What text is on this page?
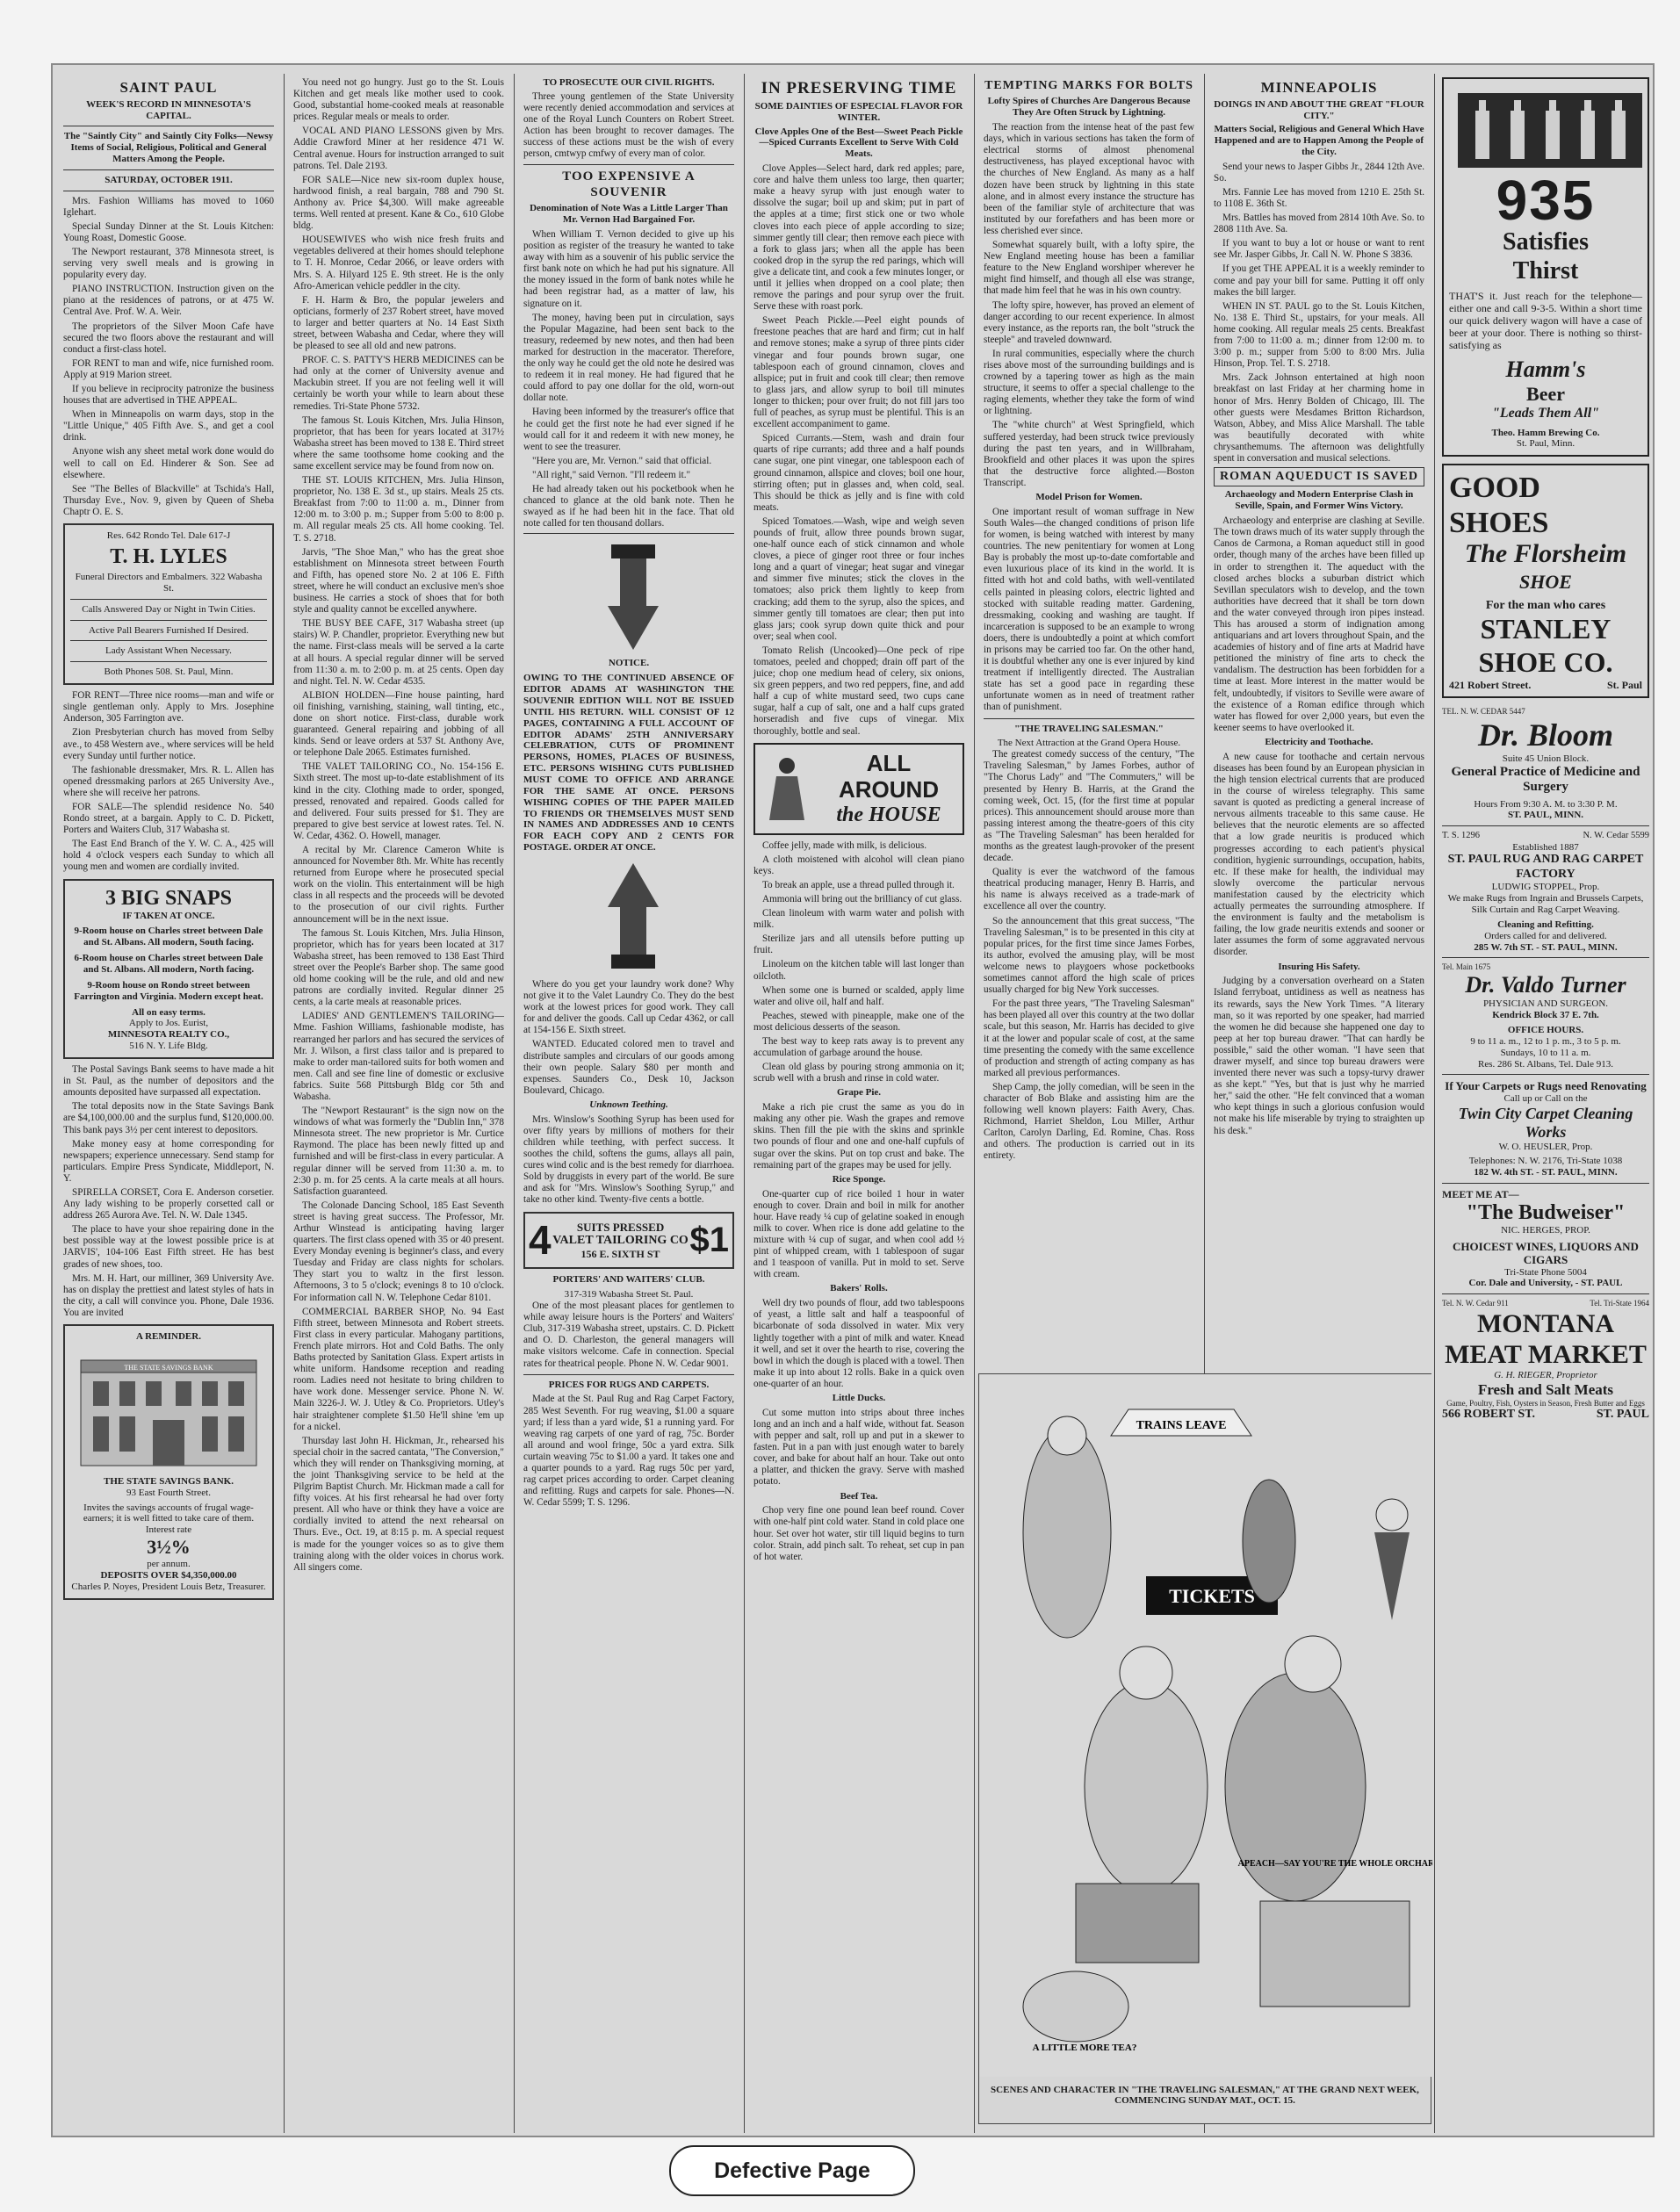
SAINT PAUL
WEEK'S RECORD IN MINNESOTA'S CAPITAL.
The "Saintly City" and Saintly City Folks—Newsy Items of Social, Religious, Political and General Matters Among the People.
SATURDAY, OCTOBER 1911.

Mrs. Fashion Williams has moved to 1060 Iglehart.

Special Sunday Dinner at the St. Louis Kitchen: Young Roast, Domestic Goose.

The Newport restaurant, 378 Minnesota street, is serving very swell meals and is growing in popularity every day.

PIANO INSTRUCTION. Instruction given on the piano at the residences of patrons, or at 475 W. Central Ave. Prof. W. A. Weir.

The proprietors of the Silver Moon Cafe have secured the two floors above the restaurant and will conduct a first-class hotel.

FOR RENT to man and wife, nice furnished room. Apply at 919 Marion street.

If you believe in reciprocity patronize the business houses that are advertised in THE APPEAL.

When in Minneapolis on warm days, stop in the "Little Unique," 405 Fifth Ave. S., and get a cool drink.

Anyone wish any sheet metal work done would do well to call on Ed. Hinderer & Son. See ad elsewhere.

See "The Belles of Blackville" at Tschida's Hall, Thursday Eve., Nov. 9, given by Queen of Sheba Chaptr O. E. S.

Res. 642 Rondo Tel. Dale 617-J
T. H. LYLES
Funeral Directors and Embalmers. 322 Wabasha St.
Calls Answered Day or Night in Twin Cities.
Active Pall Bearers Furnished If Desired.
Lady Assistant When Necessary.
Both Phones 508. St. Paul, Minn.

FOR RENT—Three nice rooms—man and wife or single gentleman only. Apply to Mrs. Josephine Anderson, 305 Farrington ave.

Zion Presbyterian church has moved from Selby ave., to 458 Western ave., where services will be held every Sunday until further notice.

The fashionable dressmaker, Mrs. R. L. Allen has opened dressmaking parlors at 265 University Ave., where she will receive her patrons.

FOR SALE—The splendid residence No. 540 Rondo street, at a bargain. Apply to C. D. Pickett, Porters and Waiters Club, 317 Wabasha st.

The East End Branch of the Y. W. C. A., 425 will hold 4 o'clock vespers each Sunday to which all young men and women are cordially invited.

3 BIG SNAPS
IF TAKEN AT ONCE.
9-Room house on Charles street between Dale and St. Albans. All modern, South facing.
6-Room house on Charles street between Dale and St. Albans. All modern, North facing.
9-Room house on Rondo street between Farrington and Virginia. Modern except heat.
All on easy terms.
Apply to Jos. Eurist,
MINNESOTA REALTY CO.,
516 N. Y. Life Bldg.

The Postal Savings Bank seems to have made a hit in St. Paul, as the number of depositors and the amounts deposited have surpassed all expectation.

The total deposits now in the State Savings Bank are $4,100,000.00 and the surplus fund, $120,000.00. This bank pays 3½ per cent interest to depositors.

Make money easy at home corresponding for newspapers; experience unnecessary. Send stamp for particulars. Empire Press Syndicate, Middleport, N. Y.

SPIRELLA CORSET, Cora E. Anderson corsetier. Any lady wishing to be properly corsetted call or address 265 Aurora Ave. Tel. N. W. Dale 1345.

The place to have your shoe repairing done in the best possible way at the lowest possible price is at JARVIS', 104-106 East Fifth street. He has best grades of new shoes, too.

Mrs. M. H. Hart, our milliner, 369 University Ave. has on display the prettiest and latest styles of hats in the city, a call will convince you. Phone, Dale 1936. You are invited

A REMINDER.
THE STATE SAVINGS BANK
THE STATE SAVINGS BANK.
93 East Fourth Street.
Invites the savings accounts of frugal wage-earners; it is well fitted to take care of them.
Interest rate
3½%
per annum.
DEPOSITS OVER $4,350,000.00
Charles P. Noyes, President Louis Betz, Treasurer.

You need not go hungry. Just go to the St. Louis Kitchen and get meals like mother used to cook. Good, substantial home-cooked meals at reasonable prices. Regular meals or meals to order.

VOCAL AND PIANO LESSONS given by Mrs. Addie Crawford Miner at her residence 471 W. Central avenue. Hours for instruction arranged to suit patrons. Tel. Dale 2193.

FOR SALE—Nice new six-room duplex house, hardwood finish, a real bargain, 788 and 790 St. Anthony av. Price $4,300. Will make agreeable terms. Well rented at present. Kane & Co., 610 Globe bldg.

HOUSEWIVES who wish nice fresh fruits and vegetables delivered at their homes should telephone to T. H. Monroe, Cedar 2066, or leave orders with Mrs. S. A. Hilyard 125 E. 9th street. He is the only Afro-American vehicle peddler in the city.

F. H. Harm & Bro, the popular jewelers and opticians, formerly of 237 Robert street, have moved to larger and better quarters at No. 14 East Sixth street, between Wabasha and Cedar, where they will be pleased to see all old and new patrons.

PROF. C. S. PATTY'S HERB MEDICINES can be had only at the corner of University avenue and Mackubin street. If you are not feeling well it will certainly be worth your while to learn about these remedies. Tri-State Phone 5732.

The famous St. Louis Kitchen, Mrs. Julia Hinson, proprietor, that has been for years located at 317½ Wabasha street has been moved to 138 E. Third street where the same toothsome home cooking and the same excellent service may be found from now on.

THE ST. LOUIS KITCHEN, Mrs. Julia Hinson, proprietor, No. 138 E. 3d st., up stairs. Meals 25 cts. Breakfast from 7:00 to 11:00 a. m., Dinner from 12:00 m. to 3:00 p. m.; Supper from 5:00 to 8:00 p. m. All regular meals 25 cts. All home cooking. Tel. T. S. 2718.

Jarvis, "The Shoe Man," who has the great shoe establishment on Minnesota street between Fourth and Fifth, has opened store No. 2 at 106 E. Fifth street, where he will conduct an exclusive men's shoe business. He carries a stock of shoes that for both style and quality cannot be excelled anywhere.

THE BUSY BEE CAFE, 317 Wabasha street (up stairs) W. P. Chandler, proprietor. Everything new but the name. First-class meals will be served a la carte at all hours. A special regular dinner will be served from 11:30 a. m. to 2:00 p. m. at 25 cents. Open day and night. Tel. N. W. Cedar 4535.

ALBION HOLDEN—Fine house painting, hard oil finishing, varnishing, staining, wall tinting, etc., done on short notice. First-class, durable work guaranteed. General repairing and jobbing of all kinds. Send or leave orders at 537 St. Anthony Ave, or telephone Dale 2065. Estimates furnished.

THE VALET TAILORING CO., No. 154-156 E. Sixth street. The most up-to-date establishment of its kind in the city. Clothing made to order, sponged, pressed, renovated and repaired. Goods called for and delivered. Four suits pressed for $1. They are prepared to give best service at lowest rates. Tel. N. W. Cedar, 4362. O. Howell, manager.

A recital by Mr. Clarence Cameron White is announced for November 8th. Mr. White has recently returned from Europe where he prosecuted special work on the violin. This entertainment will be high class in all respects and the proceeds will be devoted to the prosecution of our civil rights. Further announcement will be in the next issue.

The famous St. Louis Kitchen, Mrs. Julia Hinson, proprietor, which has for years been located at 317 Wabasha street, has been removed to 138 East Third street over the People's Barber shop. The same good old home cooking will be the rule, and old and new patrons are cordially invited. Regular dinner 25 cents, a la carte meals at reasonable prices.

LADIES' AND GENTLEMEN'S TAILORING—Mme. Fashion Williams, fashionable modiste, has rearranged her parlors and has secured the services of Mr. J. Wilson, a first class tailor and is prepared to make to order man-tailored suits for both women and men. Call and see fine line of domestic or exclusive fabrics. Suite 568 Pittsburgh Bldg cor 5th and Wabasha.

The "Newport Restaurant" is the sign now on the windows of what was formerly the "Dublin Inn," 378 Minnesota street. The new proprietor is Mr. Curtice Raymond. The place has been newly fitted up and furnished and will be first-class in every particular. A regular dinner will be served from 11:30 a. m. to 2:30 p. m. for 25 cents. A la carte meals at all hours. Satisfaction guaranteed.

The Colonade Dancing School, 185 East Seventh street is having great success. The Professor, Mr. Arthur Winstead is anticipating having larger quarters. The first class opened with 35 or 40 present. Every Monday evening is beginner's class, and every Tuesday and Friday are class nights for scholars. They start you to waltz in the first lesson. Afternoons, 3 to 5 o'clock; evenings 8 to 10 o'clock. For information call N. W. Telephone Cedar 8101.

COMMERCIAL BARBER SHOP, No. 94 East Fifth street, between Minnesota and Robert streets. First class in every particular. Mahogany partitions, French plate mirrors. Hot and Cold Baths. The only Baths protected by Sanitation Glass. Expert artists in white uniform. Handsome reception and reading room. Ladies need not hesitate to bring children to have work done. Messenger service. Phone N. W. Main 3226-J. W. J. Utley & Co. Proprietors. Utley's hair straightener complete $1.50 He'll shine 'em up for a nickel.

Thursday last John H. Hickman, Jr., rehearsed his special choir in the sacred cantata, "The Conversion," which they will render on Thanksgiving morning, at the joint Thanksgiving service to be held at the Pilgrim Baptist Church. Mr. Hickman made a call for fifty voices. At his first rehearsal he had over forty present. All who have or think they have a voice are cordially invited to attend the next rehearsal on Thurs. Eve., Oct. 19, at 8:15 p. m. A special request is made for the younger voices so as to give them training along with the older voices in chorus work. All singers come.

TO PROSECUTE OUR CIVIL RIGHTS.

Three young gentlemen of the State University were recently denied accommodation and services at one of the Royal Lunch Counters on Robert Street. Action has been brought to recover damages. The success of these actions must be the wish of every person, cmtwyp cmfwy of every man of color.

TOO EXPENSIVE A SOUVENIR
Denomination of Note Was a Little Larger Than Mr. Vernon Had Bargained For.

When William T. Vernon decided to give up his position as register of the treasury he wanted to take away with him as a souvenir of his public service the first bank note on which he had put his signature. All the money issued in the form of bank notes while he had been registrar had, as a matter of law, his signature on it.

The money, having been put in circulation, says the Popular Magazine, had been sent back to the treasury, redeemed by new notes, and then had been marked for destruction in the macerator. Therefore, the only way he could get the old note he desired was to redeem it in real money. He had figured that he could afford to pay one dollar for the old, worn-out dollar note.

Having been informed by the treasurer's office that he could get the first note he had ever signed if he would call for it and redeem it with new money, he went to see the treasurer.

"Here you are, Mr. Vernon." said that official.

"All right," said Vernon. "I'll redeem it."

He had already taken out his pocketbook when he chanced to glance at the old bank note. Then he swayed as if he had been hit in the face. That old note called for ten thousand dollars.

NOTICE.
OWING TO THE CONTINUED ABSENCE OF EDITOR ADAMS AT WASHINGTON THE SOUVENIR EDITION WILL NOT BE ISSUED UNTIL HIS RETURN. WILL CONSIST OF 12 PAGES, CONTAINING A FULL ACCOUNT OF EDITOR ADAMS' 25TH ANNIVERSARY CELEBRATION, CUTS OF PROMINENT PERSONS, HOMES, PLACES OF BUSINESS, ETC. PERSONS WISHING CUTS PUBLISHED MUST COME TO OFFICE AND ARRANGE FOR THE SAME AT ONCE. PERSONS WISHING COPIES OF THE PAPER MAILED TO FRIENDS OR THEMSELVES MUST SEND IN NAMES AND ADDRESSES AND 10 CENTS FOR EACH COPY AND 2 CENTS FOR POSTAGE. ORDER AT ONCE.

Where do you get your laundry work done? Why not give it to the Valet Laundry Co. They do the best work at the lowest prices for good work. They call for and deliver the goods. Call up Cedar 4362, or call at 154-156 E. Sixth street.

WANTED. Educated colored men to travel and distribute samples and circulars of our goods among their own people. Salary $80 per month and expenses. Saunders Co., Desk 10, Jackson Boulevard, Chicago.

Unknown Teething.

Mrs. Winslow's Soothing Syrup has been used for over fifty years by millions of mothers for their children while teething, with perfect success. It soothes the child, softens the gums, allays all pain, cures wind colic and is the best remedy for diarrhoea. Sold by druggists in every part of the world. Be sure and ask for "Mrs. Winslow's Soothing Syrup," and take no other kind. Twenty-five cents a bottle.

4	SUITS PRESSED
VALET TAILORING CO
156 E. SIXTH ST $1
PORTERS' AND WAITERS' CLUB.
317-319 Wabasha Street St. Paul.

One of the most pleasant places for gentlemen to while away leisure hours is the Porters' and Waiters' Club, 317-319 Wabasha street, upstairs. C. D. Pickett and O. D. Charleston, the general managers will make visitors welcome. Cafe in connection. Special rates for theatrical people. Phone N. W. Cedar 9001.

PRICES FOR RUGS AND CARPETS.

Made at the St. Paul Rug and Rag Carpet Factory, 285 West Seventh. For rug weaving, $1.00 a square yard; if less than a yard wide, $1 a running yard. For weaving rag carpets of one yard of rag, 75c. Border all around and wool fringe, 50c a yard extra. Silk curtain weaving 75c to $1.00 a yard. It takes one and a quarter pounds to a yard. Rag rugs 50c per yard, rag carpet prices according to order. Carpet cleaning and refitting. Rugs and carpets for sale. Phones—N. W. Cedar 5599; T. S. 1296.

IN PRESERVING TIME
SOME DAINTIES OF ESPECIAL FLAVOR FOR WINTER.
Clove Apples One of the Best—Sweet Peach Pickle—Spiced Currants Excellent to Serve With Cold Meats.

Clove Apples—Select hard, dark red apples; pare, core and halve them unless too large, then quarter; make a heavy syrup with just enough water to dissolve the sugar; boil up and skim; put in part of the apples at a time; first stick one or two whole cloves into each piece of apple according to size; simmer gently till clear; then remove each piece with a fork to glass jars; when all the apple has been cooked drop in the syrup the red parings, which will give a delicate tint, and cook a few minutes longer, or until it jellies when dropped on a cool plate; then remove the parings and pour syrup over the fruit. Serve these with roast pork.

Sweet Peach Pickle.—Peel eight pounds of freestone peaches that are hard and firm; cut in half and remove stones; make a syrup of three pints cider vinegar and four pounds brown sugar, one tablespoon each of ground cinnamon, cloves and allspice; put in fruit and cook till clear; then remove to glass jars, and allow syrup to boil till minutes longer to thicken; pour over fruit; do not fill jars too full of peaches, as syrup must be plentiful. This is an excellent accompaniment to game.

Spiced Currants.—Stem, wash and drain four quarts of ripe currants; add three and a half pounds cane sugar, one pint vinegar, one tablespoon each of ground cinnamon, allspice and cloves; boil one hour, stirring often; put in glasses and, when cold, seal. This should be thick as jelly and is fine with cold meats.

Spiced Tomatoes.—Wash, wipe and weigh seven pounds of fruit, allow three pounds brown sugar, one-half ounce each of stick cinnamon and whole cloves, a piece of ginger root three or four inches long and a quart of vinegar; heat sugar and vinegar and simmer five minutes; stick the cloves in the tomatoes; also prick them lightly to keep from cracking; add them to the syrup, also the spices, and simmer gently till tomatoes are clear; then put into glass jars; cook syrup down quite thick and pour over; seal when cool.

Tomato Relish (Uncooked)—One peck of ripe tomatoes, peeled and chopped; drain off part of the juice; chop one medium head of celery, six onions, six green peppers, and two red peppers, fine, and add half a cup of white mustard seed, two cups cane sugar, half a cup of salt, one and a half cups grated horseradish and five cups of vinegar. Mix thoroughly, bottle and seal.

ALL AROUND
the HOUSE

Coffee jelly, made with milk, is delicious.

A cloth moistened with alcohol will clean piano keys.

To break an apple, use a thread pulled through it.

Ammonia will bring out the brilliancy of cut glass.

Clean linoleum with warm water and polish with milk.

Sterilize jars and all utensils before putting up fruit.

Linoleum on the kitchen table will last longer than oilcloth.

When some one is burned or scalded, apply lime water and olive oil, half and half.

Peaches, stewed with pineapple, make one of the most delicious desserts of the season.

The best way to keep rats away is to prevent any accumulation of garbage around the house.

Clean old glass by pouring strong ammonia on it; scrub well with a brush and rinse in cold water.

Grape Pie.

Make a rich pie crust the same as you do in making any other pie. Wash the grapes and remove skins. Then fill the pie with the skins and sprinkle two pounds of flour and one and one-half cupfuls of sugar over the skins. Put on top crust and bake. The remaining part of the grapes may be used for jelly.

Rice Sponge.

One-quarter cup of rice boiled 1 hour in water enough to cover. Drain and boil in milk for another hour. Have ready ¼ cup of gelatine soaked in enough milk to cover. When rice is done add gelatine to the mixture with ¼ cup of sugar, and when cool add ½ pint of whipped cream, with 1 tablespoon of sugar and 1 teaspoon of vanilla. Put in mold to set. Serve with cream.

Bakers' Rolls.

Well dry two pounds of flour, add two tablespoons of yeast, a little salt and half a teaspoonful of bicarbonate of soda dissolved in water. Mix very lightly together with a pint of milk and water. Knead it well, and set it over the hearth to rise, covering the bowl in which the dough is placed with a towel. Then make it up into about 12 rolls. Bake in a quick oven one-quarter of an hour.

Little Ducks.

Cut some mutton into strips about three inches long and an inch and a half wide, without fat. Season with pepper and salt, roll up and put in a skewer to fasten. Put in a pan with just enough water to barely cover, and bake for about half an hour. Take out onto a platter, and thicken the gravy. Serve with mashed potato.

Beef Tea.

Chop very fine one pound lean beef round. Cover with one-half pint cold water. Stand in cold place one hour. Set over hot water, stir till liquid begins to turn color. Strain, add pinch salt. To reheat, set cup in pan of hot water.

TEMPTING MARKS FOR BOLTS
Lofty Spires of Churches Are Dangerous Because They Are Often Struck by Lightning.

The reaction from the intense heat of the past few days, which in various sections has taken the form of electrical storms of almost phenomenal destructiveness, has played exceptional havoc with the churches of New England. As many as a half dozen have been struck by lightning in this state alone, and in almost every instance the structure has been of the familiar style of architecture that was instituted by our forefathers and has been more or less cherished ever since.

Somewhat squarely built, with a lofty spire, the New England meeting house has been a familiar feature to the New England worshiper wherever he might find himself, and though all else was strange, that made him feel that he was in his own country.

The lofty spire, however, has proved an element of danger according to our recent experience. In almost every instance, as the reports ran, the bolt "struck the steeple" and traveled downward.

In rural communities, especially where the church rises above most of the surrounding buildings and is crowned by a tapering tower as high as the main structure, it seems to offer a special challenge to the raging elements, whether they take the form of wind or lightning.

The "white church" at West Springfield, which suffered yesterday, had been struck twice previously during the past ten years, and in Willbraham, Brookfield and other places it was upon the spires that the destructive force alighted.—Boston Transcript.

Model Prison for Women.

One important result of woman suffrage in New South Wales—the changed conditions of prison life for women, is being watched with interest by many countries. The new penitentiary for women at Long Bay is probably the most up-to-date comfortable and even luxurious place of its kind in the world. It is fitted with hot and cold baths, with well-ventilated cells painted in pleasing colors, electric lighted and stocked with suitable reading matter. Gardening, dressmaking, cooking and washing are taught. If incarceration is supposed to be an example to wrong doers, there is undoubtedly a point at which comfort in prisons may be carried too far. On the other hand, it is doubtful whether any one is ever injured by kind treatment if intelligently directed. The Australian state has set a good pace in regarding these unfortunate women as in need of treatment rather than of punishment.

"THE TRAVELING SALESMAN."
The Next Attraction at the Grand Opera House.

The greatest comedy success of the century, "The Traveling Salesman," by James Forbes, author of "The Chorus Lady" and "The Commuters," will be presented by Henry B. Harris, at the Grand the coming week, Oct. 15, (for the first time at popular prices). This announcement should arouse more than passing interest among the theatre-goers of this city as "The Traveling Salesman" has been heralded for months as the greatest laugh-provoker of the present decade.

Quality is ever the watchword of the famous theatrical producing manager, Henry B. Harris, and his name is always received as a trade-mark of excellence all over the country.

So the announcement that this great success, "The Traveling Salesman," is to be presented in this city at popular prices, for the first time since James Forbes, its author, evolved the amusing play, will be most welcome news to playgoers whose pocketbooks sometimes cannot afford the high scale of prices usually charged for big New York successes.

For the past three years, "The Traveling Salesman" has been played all over this country at the two dollar scale, but this season, Mr. Harris has decided to give it at the lower and popular scale of cost, at the same time presenting the comedy with the same excellence of production and strength of acting company as has marked all previous performances.

Shep Camp, the jolly comedian, will be seen in the character of Bob Blake and assisting him are the following well known players: Faith Avery, Chas. Richmond, Harriet Sheldon, Lou Miller, Arthur Carlton, Carolyn Darling, Ed. Romine, Chas. Ross and others. The production is carried out in its entirety.

935
Satisfies
Thirst
THAT'S it. Just reach for the telephone—either one and call 9-3-5. Within a short time our quick delivery wagon will have a case of beer at your door. There is nothing so thirst-satisfying as
Hamm's
Beer
"Leads Them All"
Theo. Hamm Brewing Co.
St. Paul, Minn.
GOOD
SHOES
The Florsheim SHOE
For the man who cares
STANLEY
SHOE CO.
421 Robert Street.	St. Paul
TEL. N. W. CEDAR 5447
Dr. Bloom
Suite 45 Union Block.
General Practice of Medicine and Surgery
Hours From 9:30 A. M. to 3:30 P. M.
ST. PAUL, MINN.
T. S. 1296	N. W. Cedar 5599
Established 1887
ST. PAUL RUG AND RAG CARPET FACTORY
LUDWIG STOPPEL, Prop.
We make Rugs from Ingrain and Brussels Carpets, Silk Curtain and Rag Carpet Weaving.
Cleaning and Refitting.
Orders called for and delivered.
285 W. 7th ST. - ST. PAUL, MINN.
Tel. Main 1675
Dr. Valdo Turner
PHYSICIAN AND SURGEON.
Kendrick Block 37 E. 7th.
OFFICE HOURS.
9 to 11 a. m., 12 to 1 p. m., 3 to 5 p. m.
Sundays, 10 to 11 a. m.
Res. 286 St. Albans, Tel. Dale 913.
If Your Carpets or Rugs need Renovating
Call up or Call on the
Twin City Carpet Cleaning
Works
W. O. HEUSLER, Prop.
Telephones: N. W. 2176, Tri-State 1038
182 W. 4th ST. - ST. PAUL, MINN.
MEET ME AT—
"The Budweiser"
NIC. HERGES, PROP.
CHOICEST WINES, LIQUORS AND CIGARS
Tri-State Phone 5004
Cor. Dale and University, - ST. PAUL
Tel. N. W. Cedar 911	Tel. Tri-State 1964
MONTANA
MEAT MARKET
G. H. RIEGER, Proprietor
Fresh and Salt Meats
Game, Poultry, Fish, Oysters in Season, Fresh Butter and Eggs
566 ROBERT ST.	ST. PAUL
MINNEAPOLIS
DOINGS IN AND ABOUT THE GREAT "FLOUR CITY."
Matters Social, Religious and General Which Have Happened and are to Happen Among the People of the City.

Send your news to Jasper Gibbs Jr., 2844 12th Ave. So.

Mrs. Fannie Lee has moved from 1210 E. 25th St. to 1108 E. 36th St.

Mrs. Battles has moved from 2814 10th Ave. So. to 2808 11th Ave. Sa.

If you want to buy a lot or house or want to rent see Mr. Jasper Gibbs, Jr. Call N. W. Phone S 3836.

If you get THE APPEAL it is a weekly reminder to come and pay your bill for same. Putting it off only makes the bill larger.

WHEN IN ST. PAUL go to the St. Louis Kitchen, No. 138 E. Third St., upstairs, for your meals. All home cooking. All regular meals 25 cents. Breakfast from 7:00 to 11:00 a. m.; dinner from 12:00 m. to 3:00 p. m.; supper from 5:00 to 8:00 Mrs. Julia Hinson, Prop. Tel. T. S. 2718.

Mrs. Zack Johnson entertained at high noon breakfast on last Friday at her charming home in honor of Mrs. Henry Bolden of Chicago, Ill. The other guests were Mesdames Britton Richardson, Watson, Abbey, and Miss Alice Marshall. The table was beautifully decorated with white chrysanthemums. The afternoon was delightfully spent in conversation and musical selections.

ROMAN AQUEDUCT IS SAVED
Archaeology and Modern Enterprise Clash in Seville, Spain, and Former Wins Victory.

Archaeology and enterprise are clashing at Seville. The town draws much of its water supply through the Canos de Carmona, a Roman aqueduct still in good order, though many of the arches have been filled up in order to strengthen it. The aqueduct with the closed arches blocks a suburban district which Sevillan speculators wish to develop, and the town authorities have decreed that it shall be torn down and the water conveyed through iron pipes instead. This has aroused a storm of indignation among antiquarians and art lovers throughout Spain, and the academies of history and of fine arts at Madrid have petitioned the ministry of fine arts to check the vandalism. The destruction has been forbidden for a time at least. More interest in the matter would be felt, undoubtedly, if visitors to Seville were aware of the existence of a Roman edifice through which water has flowed for over 2,000 years, but even the keener seems to have overlooked it.

Electricity and Toothache.

A new cause for toothache and certain nervous diseases has been found by an European physician in the high tension electrical currents that are produced in the course of wireless telegraphy. This same savant is quoted as predicting a general increase of nervous ailments traceable to this same cause. He believes that the neurotic elements are so affected that a low grade neuritis is produced which progresses according to each patient's physical condition, hygienic surroundings, occupation, habits, etc. If these make for health, the individual may slowly overcome the particular nervous manifestation caused by the electricity which actually permeates the surrounding atmosphere. If the environment is faulty and the metabolism is failing, the low grade neuritis extends and sooner or later assumes the form of some aggravated nervous disorder.

Insuring His Safety.

Judging by a conversation overheard on a Staten Island ferryboat, untidiness as well as neatness has its rewards, says the New York Times. "A literary man, so it was reported by one speaker, had married the women he did because she happened one day to peep at her top bureau drawer. "That can hardly be possible," said the other woman. "I have seen that drawer myself, and since top bureau drawers were invented there never was such a topsy-turvy drawer as she kept." "Yes, but that is just why he married her," said the other. "He felt convinced that a woman who kept things in such a glorious confusion would not make his life miserable by trying to straighten up his desk."

TRAINS LEAVE
TICKETS
A LITTLE MORE TEA?
APEACH—SAY YOU'RE THE WHOLE ORCHARD
SCENES AND CHARACTER IN "THE TRAVELING SALESMAN," AT THE GRAND NEXT WEEK, COMMENCING SUNDAY MAT., OCT. 15.
Defective Page
